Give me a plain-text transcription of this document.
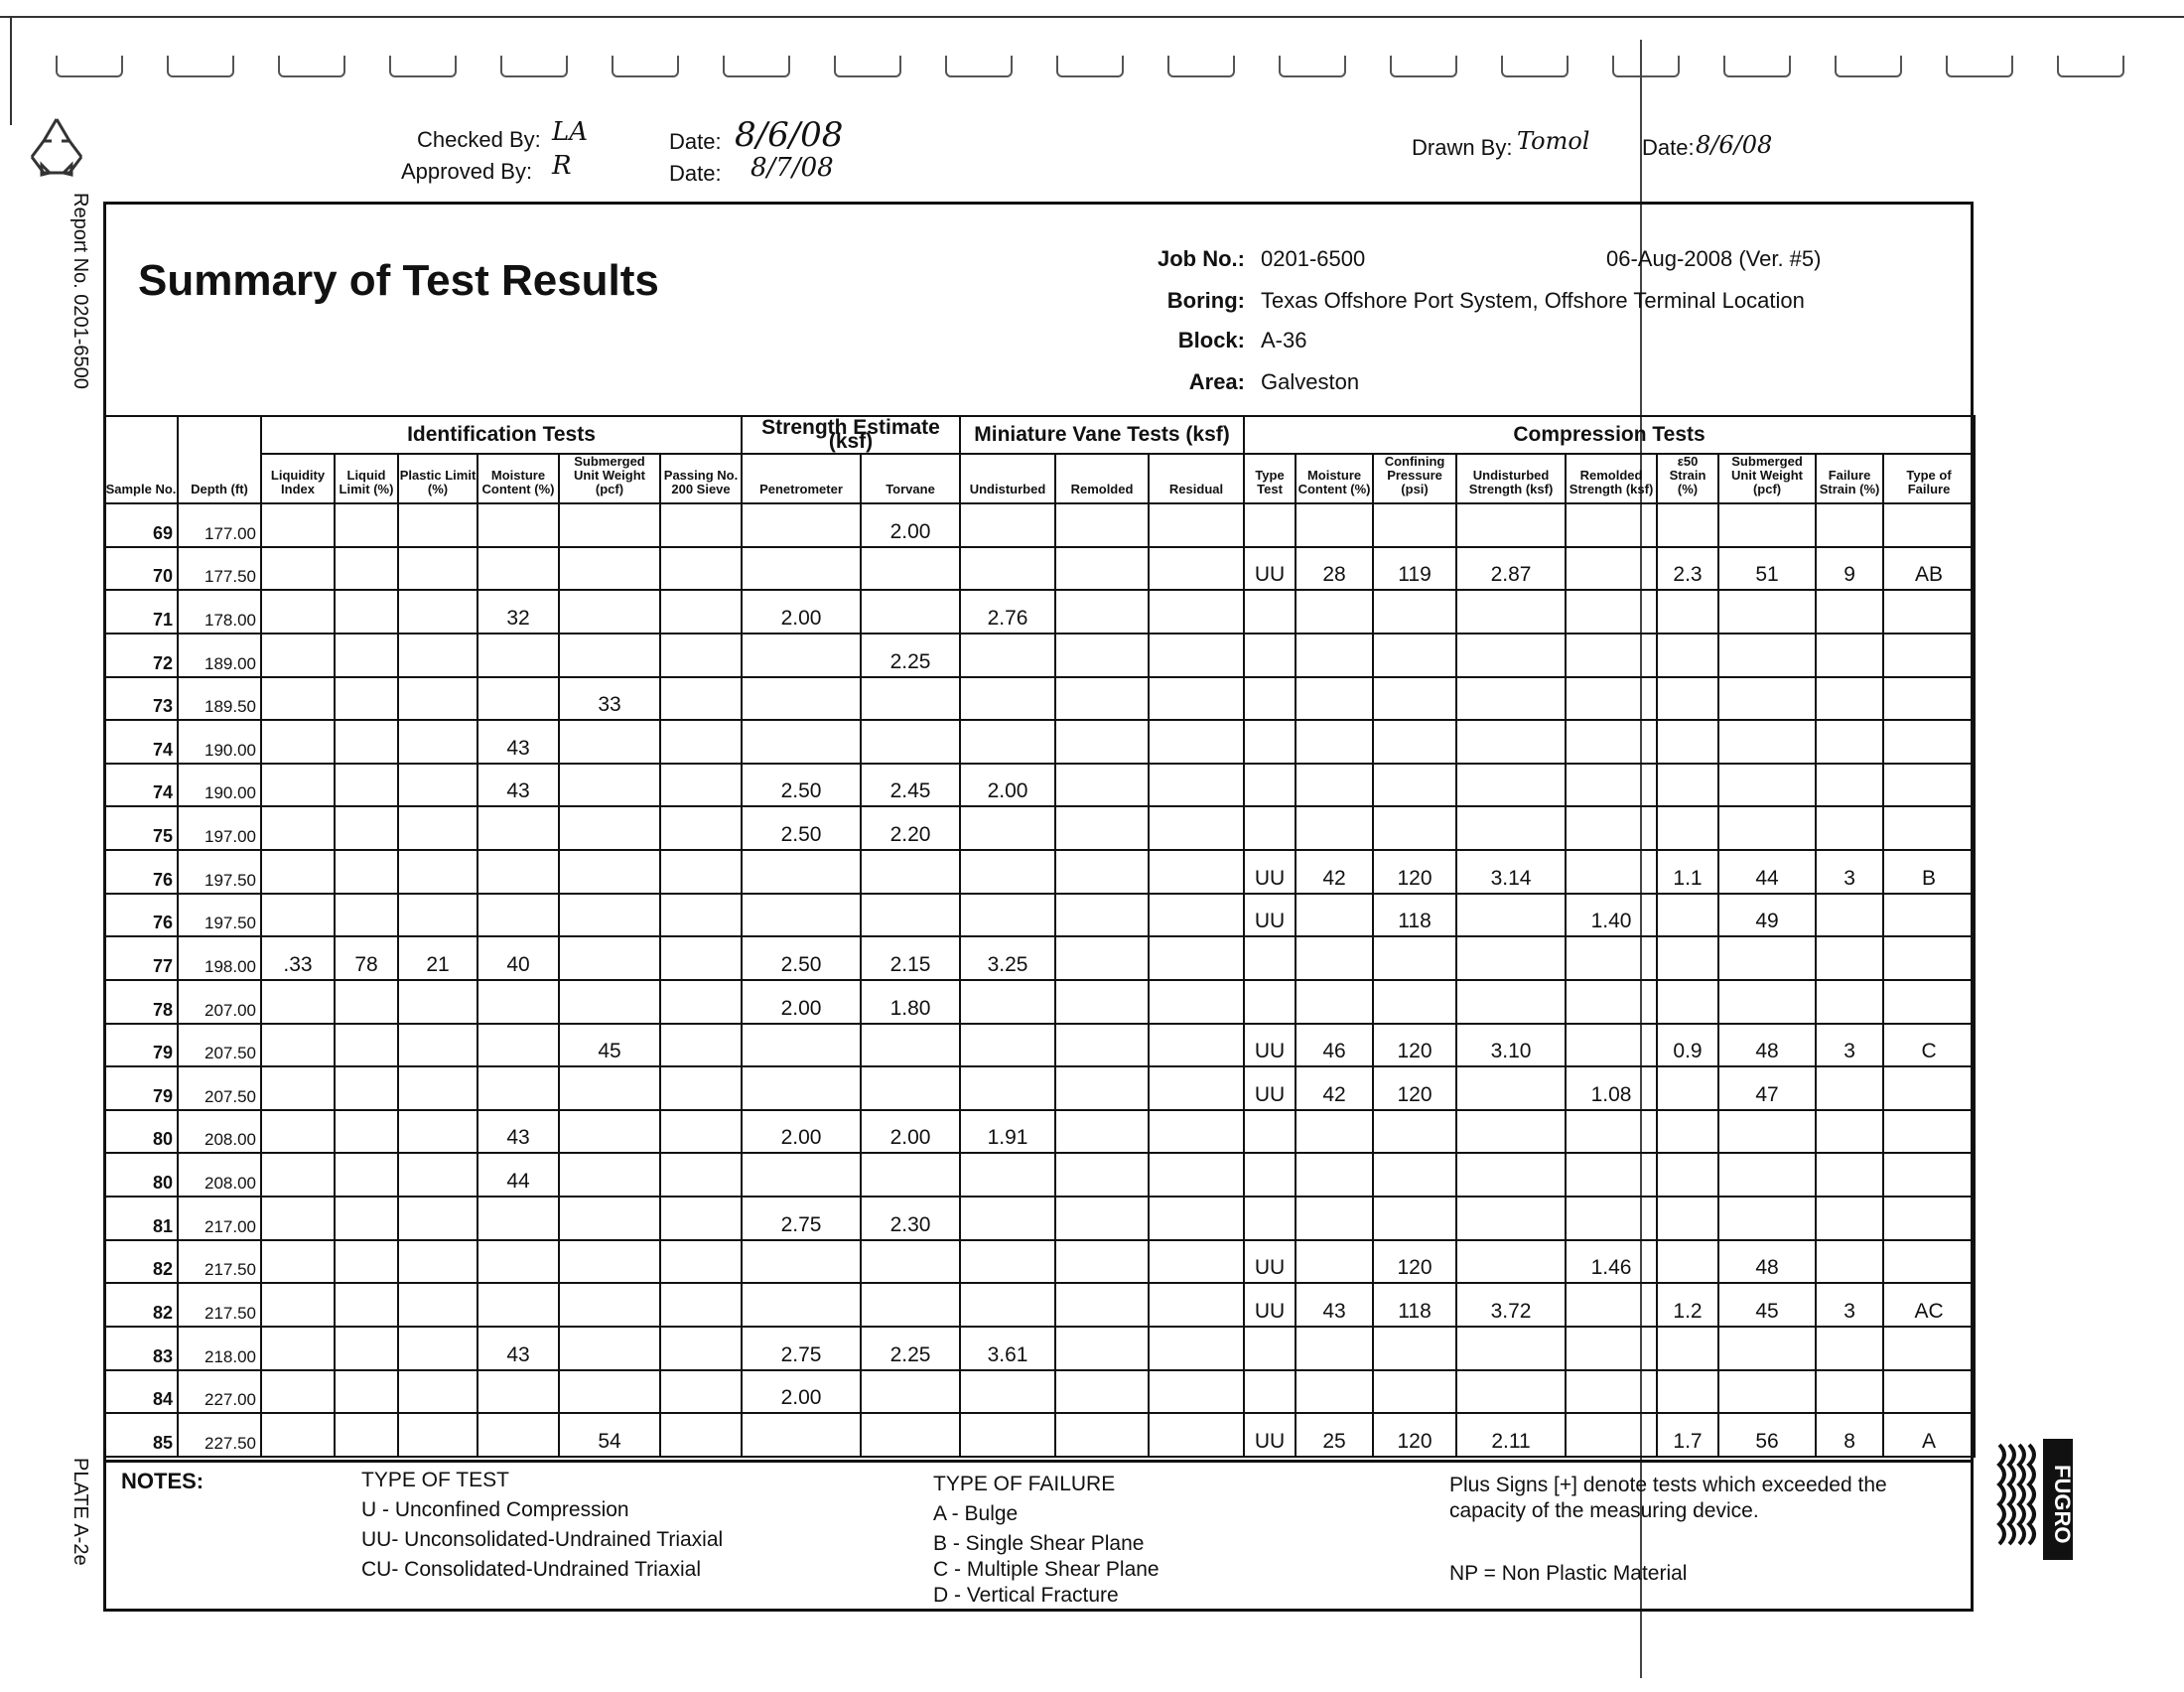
Checked By: LA
Approved By: R
Date: 8/6/08
Date: 8/7/08
Drawn By: Tomol Date: 8/6/08
Report No. 0201-6500
PLATE A-2e
Summary of Test Results	Job No.: 0201-6500	06-Aug-2008 (Ver. #5)
Boring: Texas Offshore Port System, Offshore Terminal Location
Block: A-36
Area: Galveston
Sample No.	Depth (ft)	Identification Tests						Strength Estimate (ksf)		Miniature Vane Tests (ksf)			Compression Tests								
		Liquidity Index	Liquid Limit (%)	Plastic Limit (%)	Moisture Content (%)	Submerged Unit Weight (pcf)	Passing No. 200 Sieve	Penetrometer	Torvane	Undisturbed	Remolded	Residual	Type Test	Moisture Content (%)	Confining Pressure (psi)	Undisturbed Strength (ksf)	Remolded Strength (ksf)	ε50 Strain (%)	Submerged Unit Weight (pcf)	Failure Strain (%)	Type of Failure
69	177.00								2.00												
70	177.50												UU	28	119	2.87		2.3	51	9	AB
71	178.00				32			2.00		2.76											
72	189.00								2.25												
73	189.50					33															
74	190.00				43																
74	190.00				43			2.50	2.45	2.00											
75	197.00							2.50	2.20												
76	197.50												UU	42	120	3.14		1.1	44	3	B
76	197.50												UU		118		1.40		49		
77	198.00	.33	78	21	40			2.50	2.15	3.25											
78	207.00							2.00	1.80												
79	207.50					45							UU	46	120	3.10		0.9	48	3	C
79	207.50												UU	42	120		1.08		47		
80	208.00				43			2.00	2.00	1.91											
80	208.00				44																
81	217.00							2.75	2.30												
82	217.50												UU		120		1.46		48		
82	217.50												UU	43	118	3.72		1.2	45	3	AC
83	218.00				43			2.75	2.25	3.61											
84	227.00							2.00													
85	227.50					54							UU	25	120	2.11		1.7	56	8	A
NOTES:	TYPE OF TEST
U - Unconfined Compression
UU- Unconsolidated-Undrained Triaxial
CU- Consolidated-Undrained Triaxial
TYPE OF FAILURE
A - Bulge
B - Single Shear Plane
C - Multiple Shear Plane
D - Vertical Fracture
Plus Signs [+] denote tests which exceeded the capacity of the measuring device.
NP = Non Plastic Material
FUGRO
